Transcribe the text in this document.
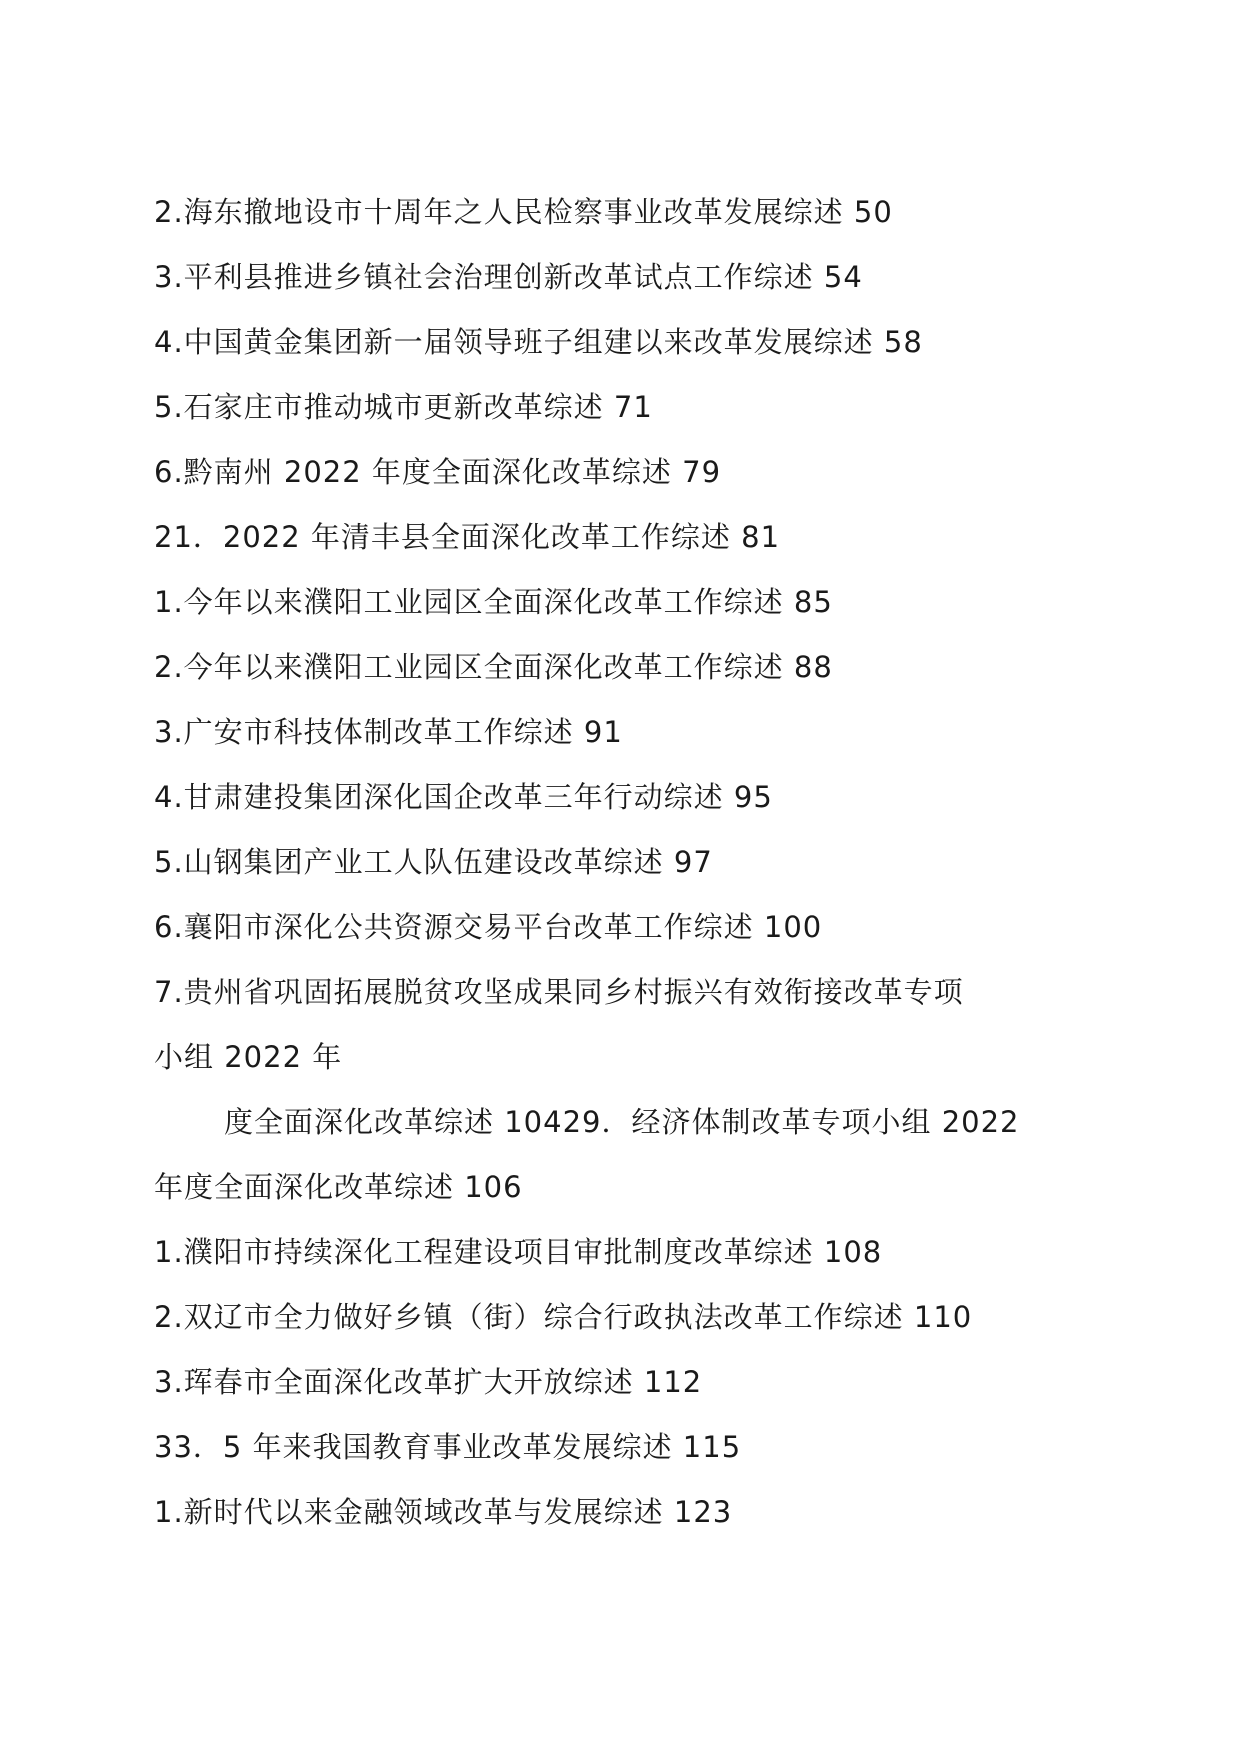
2.海东撤地设市十周年之人民检察事业改革发展综述 50
3.平利县推进乡镇社会治理创新改革试点工作综述 54
4.中国黄金集团新一届领导班子组建以来改革发展综述 58
5.石家庄市推动城市更新改革综述 71
6.黔南州 2022 年度全面深化改革综述 79
21．2022 年清丰县全面深化改革工作综述 81
1.今年以来濮阳工业园区全面深化改革工作综述 85
2.今年以来濮阳工业园区全面深化改革工作综述 88
3.广安市科技体制改革工作综述 91
4.甘肃建投集团深化国企改革三年行动综述 95
5.山钢集团产业工人队伍建设改革综述 97
6.襄阳市深化公共资源交易平台改革工作综述 100
7.贵州省巩固拓展脱贫攻坚成果同乡村振兴有效衔接改革专项
小组 2022 年
度全面深化改革综述 10429．经济体制改革专项小组 2022
年度全面深化改革综述 106
1.濮阳市持续深化工程建设项目审批制度改革综述 108
2.双辽市全力做好乡镇（街）综合行政执法改革工作综述 110
3.珲春市全面深化改革扩大开放综述 112
33．5 年来我国教育事业改革发展综述 115
1.新时代以来金融领域改革与发展综述 123
